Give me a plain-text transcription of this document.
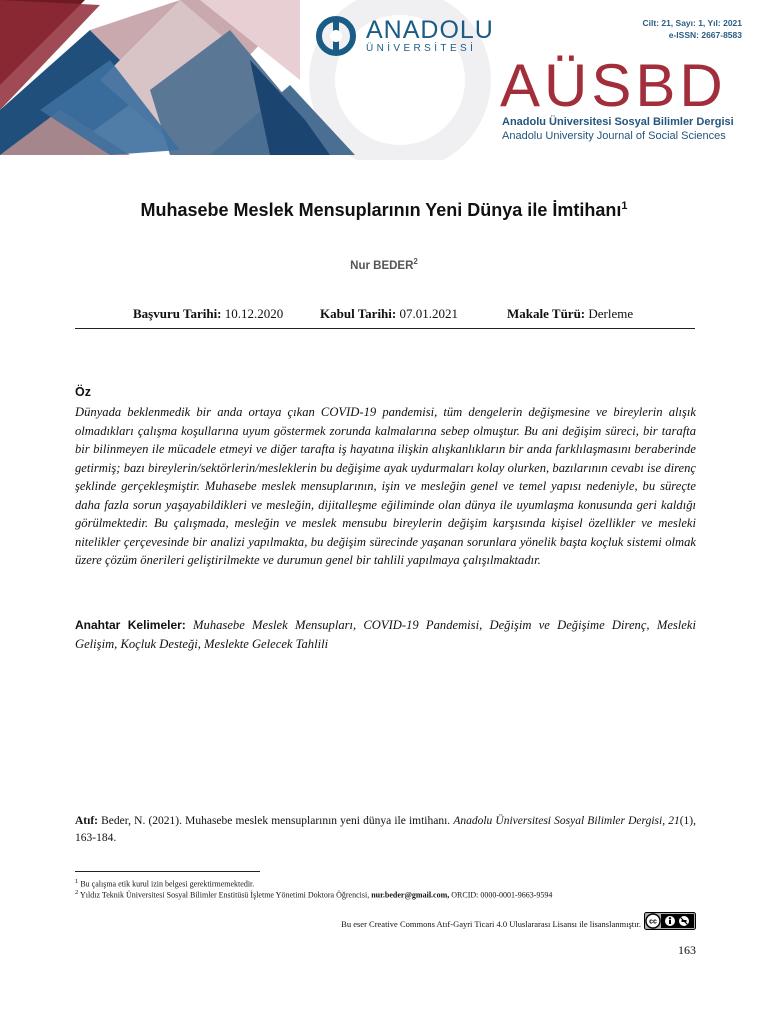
ANADOLU
ÜNİVERSİTESİ
Cilt: 21, Sayı: 1, Yıl: 2021
e-ISSN: 2667-8583
AÜSBD
Anadolu Üniversitesi Sosyal Bilimler Dergisi
Anadolu University Journal of Social Sciences
Muhasebe Meslek Mensuplarının Yeni Dünya ile İmtihanı$^1$
Nur BEDER$^2$
Başvuru Tarihi: 10.12.2020	Kabul Tarihi: 07.01.2021	Makale Türü: Derleme
Öz
Dünyada beklenmedik bir anda ortaya çıkan COVID-19 pandemisi, tüm dengelerin değişmesine ve bireylerin alışık olmadıkları çalışma koşullarına uyum göstermek zorunda kalmalarına sebep olmuştur. Bu ani değişim süreci, bir tarafta bir bilinmeyen ile mücadele etmeyi ve diğer tarafta iş hayatına ilişkin alışkanlıkların bir anda farklılaşmasını beraberinde getirmiş; bazı bireylerin/sektörlerin/mesleklerin bu değişime ayak uydurmaları kolay olurken, bazılarının cevabı ise direnç şeklinde gerçekleşmiştir. Muhasebe meslek mensuplarının, işin ve mesleğin genel ve temel yapısı nedeniyle, bu süreçte daha fazla sorun yaşayabildikleri ve mesleğin, dijitalleşme eğiliminde olan dünya ile uyumlaşma konusunda geri kaldığı görülmektedir. Bu çalışmada, mesleğin ve meslek mensubu bireylerin değişim karşısında kişisel özellikler ve mesleki nitelikler çerçevesinde bir analizi yapılmakta, bu değişim sürecinde yaşanan sorunlara yönelik başta koçluk sistemi olmak üzere çözüm önerileri geliştirilmekte ve durumun genel bir tahlili yapılmaya çalışılmaktadır.
Anahtar Kelimeler: Muhasebe Meslek Mensupları, COVID-19 Pandemisi, Değişim ve Değişime Direnç, Mesleki Gelişim, Koçluk Desteği, Meslekte Gelecek Tahlili
Atıf: Beder, N. (2021). Muhasebe meslek mensuplarının yeni dünya ile imtihanı. Anadolu Üniversitesi Sosyal Bilimler Dergisi, 21(1), 163-184.
$^1$ Bu çalışma etik kurul izin belgesi gerektirmemektedir.
$^2$ Yıldız Teknik Üniversitesi Sosyal Bilimler Enstitüsü İşletme Yönetimi Doktora Öğrencisi, nur.beder@gmail.com, ORCID: 0000-0001-9663-9594
Bu eser Creative Commons Atıf-Gayri Ticari 4.0 Uluslararası Lisansı ile lisanslanmıştır. cc
163
